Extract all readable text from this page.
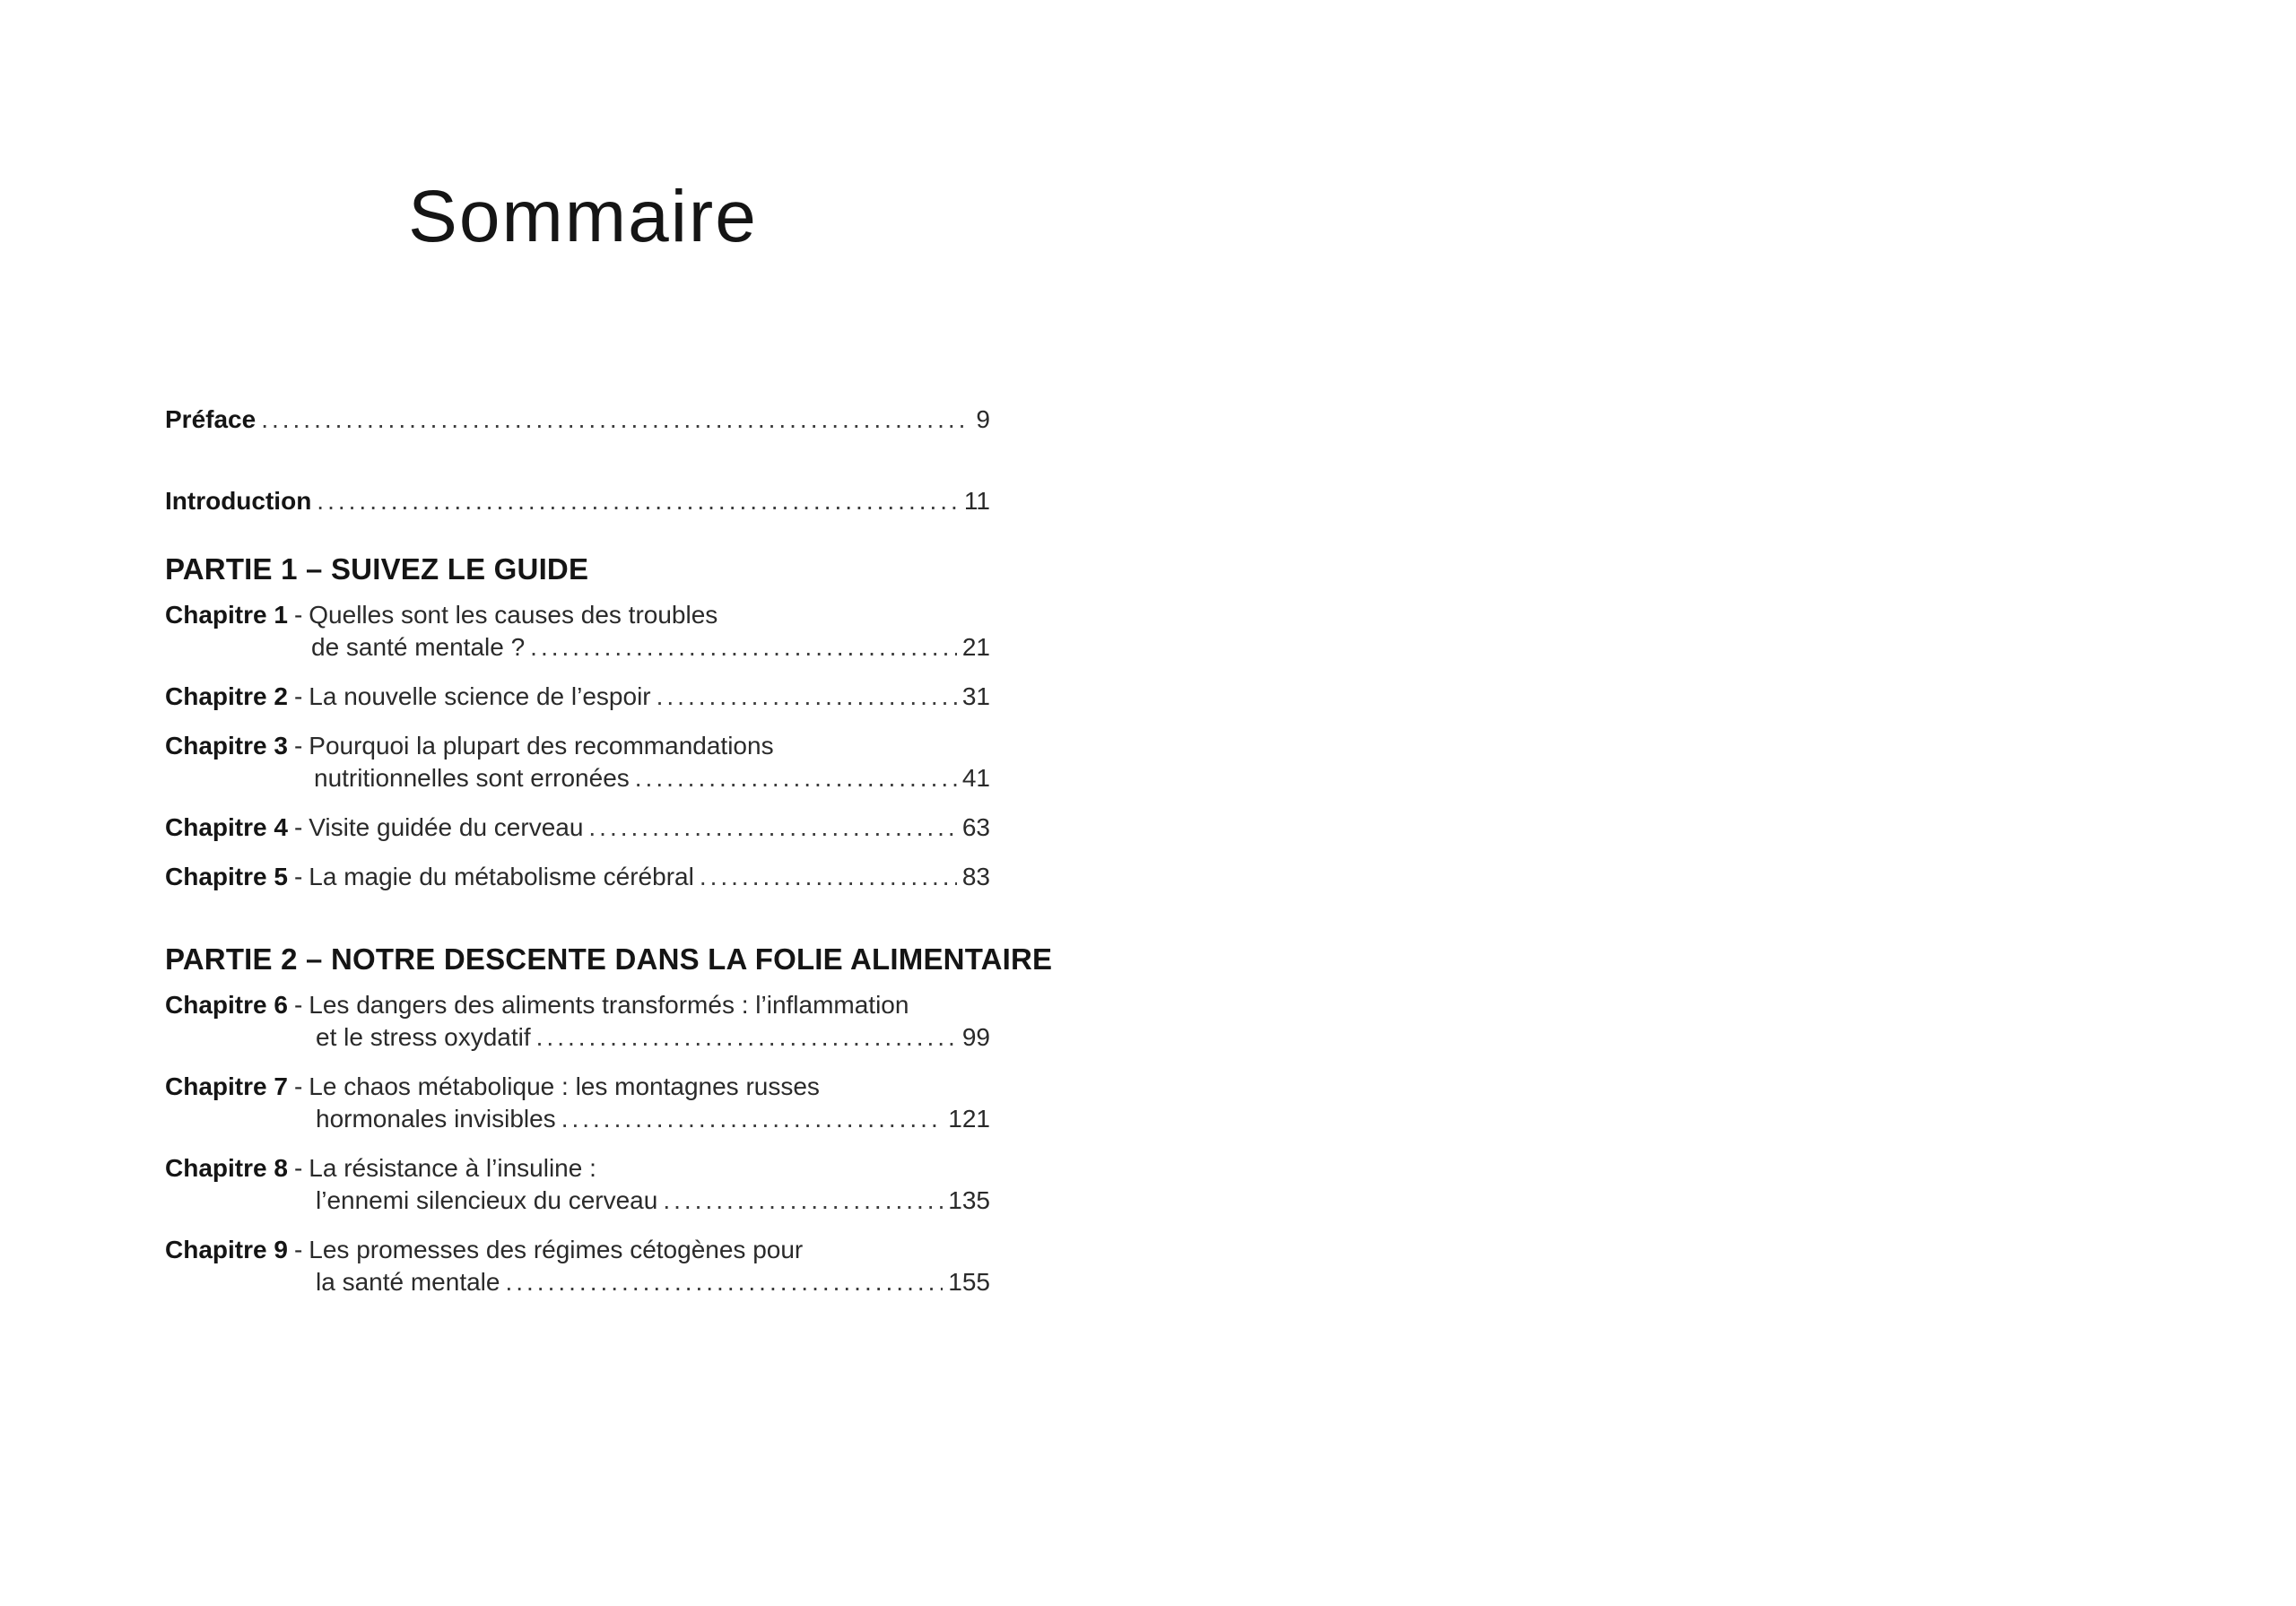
Sommaire
Préface .....	9
Introduction .....	11
PARTIE 1 – SUIVEZ LE GUIDE
Chapitre 1 - Quelles sont les causes des troubles
de santé mentale ? .....	21
Chapitre 2 - La nouvelle science de l’espoir .....	31
Chapitre 3 - Pourquoi la plupart des recommandations
nutritionnelles sont erronées .....	41
Chapitre 4 - Visite guidée du cerveau .....	63
Chapitre 5 - La magie du métabolisme cérébral .....	83
PARTIE 2 – NOTRE DESCENTE DANS LA FOLIE ALIMENTAIRE
Chapitre 6 - Les dangers des aliments transformés : l’inflammation
et le stress oxydatif .....	99
Chapitre 7 - Le chaos métabolique : les montagnes russes
hormonales invisibles .....	121
Chapitre 8 - La résistance à l’insuline :
l’ennemi silencieux du cerveau .....	135
Chapitre 9 - Les promesses des régimes cétogènes pour
la santé mentale .....	155
